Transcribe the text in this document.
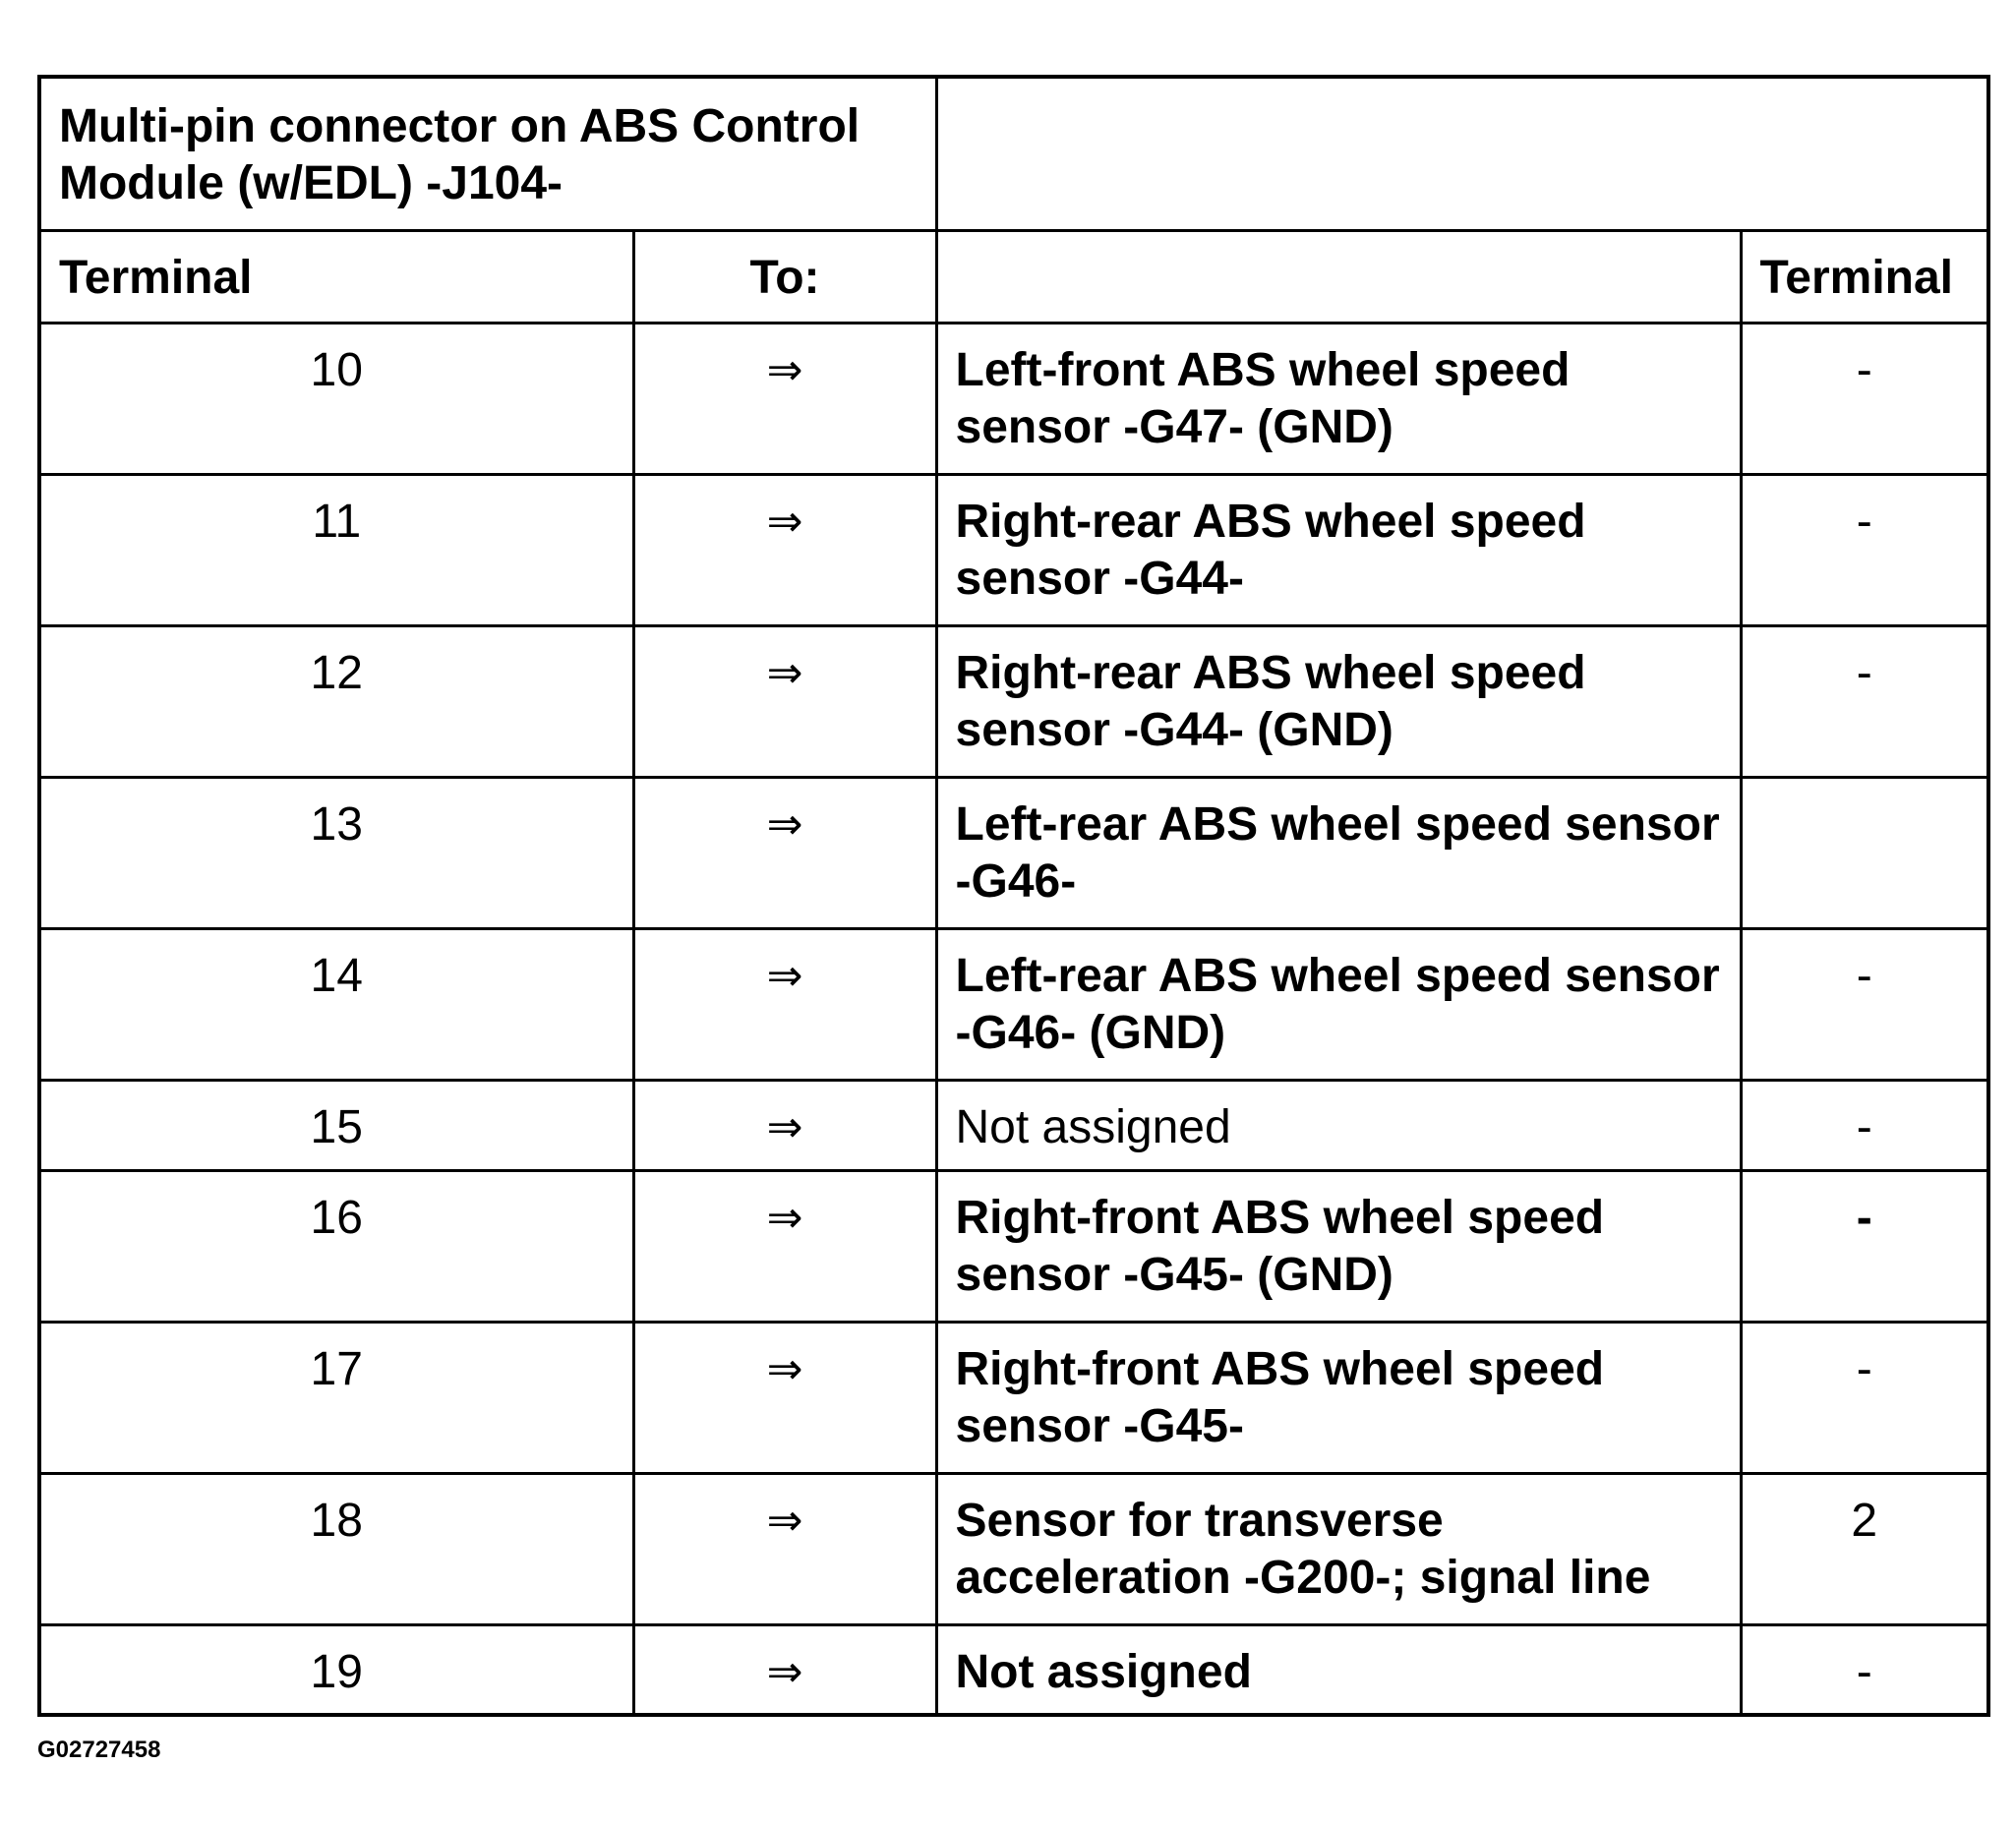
Multi-pin connector on ABS Control Module (w/EDL) -J104-			
Terminal	To:		Terminal
10	⇒	Left-front ABS wheel speed sensor -G47- (GND)	-
11	⇒	Right-rear ABS wheel speed sensor -G44-	-
12	⇒	Right-rear ABS wheel speed sensor -G44- (GND)	-
13	⇒	Left-rear ABS wheel speed sensor -G46-	
14	⇒	Left-rear ABS wheel speed sensor -G46- (GND)	-
15	⇒	Not assigned	-
16	⇒	Right-front ABS wheel speed sensor -G45- (GND)	-
17	⇒	Right-front ABS wheel speed sensor -G45-	-
18	⇒	Sensor for transverse acceleration -G200-; signal line	2
19	⇒	Not assigned	-
G02727458
